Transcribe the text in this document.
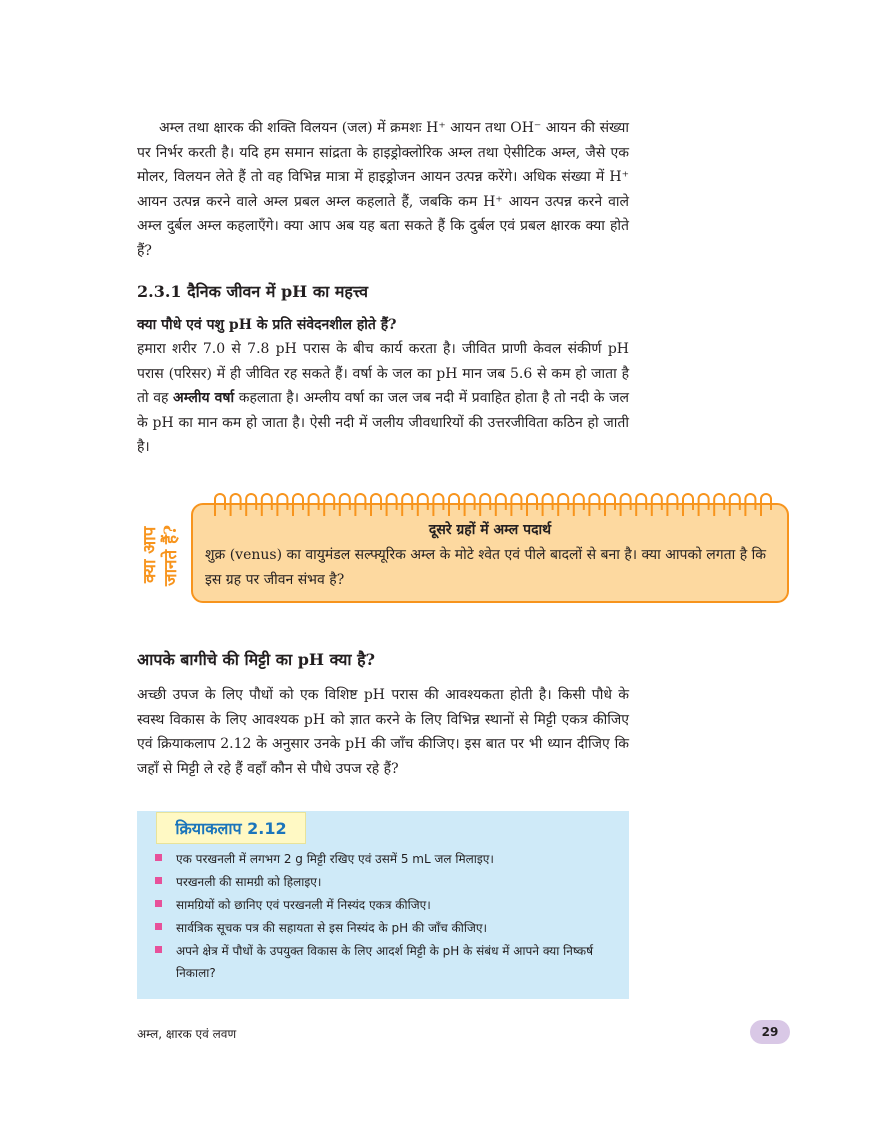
अम्ल तथा क्षारक की शक्ति विलयन (जल) में क्रमशः H⁺ आयन तथा OH⁻ आयन की संख्या पर निर्भर करती है। यदि हम समान सांद्रता के हाइड्रोक्लोरिक अम्ल तथा ऐसीटिक अम्ल, जैसे एक मोलर, विलयन लेते हैं तो वह विभिन्न मात्रा में हाइड्रोजन आयन उत्पन्न करेंगे। अधिक संख्या में H⁺ आयन उत्पन्न करने वाले अम्ल प्रबल अम्ल कहलाते हैं, जबकि कम H⁺ आयन उत्पन्न करने वाले अम्ल दुर्बल अम्ल कहलाएँगे। क्या आप अब यह बता सकते हैं कि दुर्बल एवं प्रबल क्षारक क्या होते हैं?

2.3.1 दैनिक जीवन में pH का महत्त्व
क्या पौधे एवं पशु pH के प्रति संवेदनशील होते हैं?

हमारा शरीर 7.0 से 7.8 pH परास के बीच कार्य करता है। जीवित प्राणी केवल संकीर्ण pH परास (परिसर) में ही जीवित रह सकते हैं। वर्षा के जल का pH मान जब 5.6 से कम हो जाता है तो वह अम्लीय वर्षा कहलाता है। अम्लीय वर्षा का जल जब नदी में प्रवाहित होता है तो नदी के जल के pH का मान कम हो जाता है। ऐसी नदी में जलीय जीवधारियों की उत्तरजीविता कठिन हो जाती है।

क्या आप जानते हैं?	दूसरे ग्रहों में अम्ल पदार्थ

शुक्र (venus) का वायुमंडल सल्फ्यूरिक अम्ल के मोटे श्वेत एवं पीले बादलों से बना है। क्या आपको लगता है कि इस ग्रह पर जीवन संभव है?

आपके बागीचे की मिट्टी का pH क्या है?

अच्छी उपज के लिए पौधों को एक विशिष्ट pH परास की आवश्यकता होती है। किसी पौधे के स्वस्थ विकास के लिए आवश्यक pH को ज्ञात करने के लिए विभिन्न स्थानों से मिट्टी एकत्र कीजिए एवं क्रियाकलाप 2.12 के अनुसार उनके pH की जाँच कीजिए। इस बात पर भी ध्यान दीजिए कि जहाँ से मिट्टी ले रहे हैं वहाँ कौन से पौधे उपज रहे हैं?

क्रियाकलाप 2.12
एक परखनली में लगभग 2 g मिट्टी रखिए एवं उसमें 5 mL जल मिलाइए।
परखनली की सामग्री को हिलाइए।
सामग्रियों को छानिए एवं परखनली में निस्यंद एकत्र कीजिए।
सार्वत्रिक सूचक पत्र की सहायता से इस निस्यंद के pH की जाँच कीजिए।
अपने क्षेत्र में पौधों के उपयुक्त विकास के लिए आदर्श मिट्टी के pH के संबंध में आपने क्या निष्कर्ष निकाला?
अम्ल, क्षारक एवं लवण	29
